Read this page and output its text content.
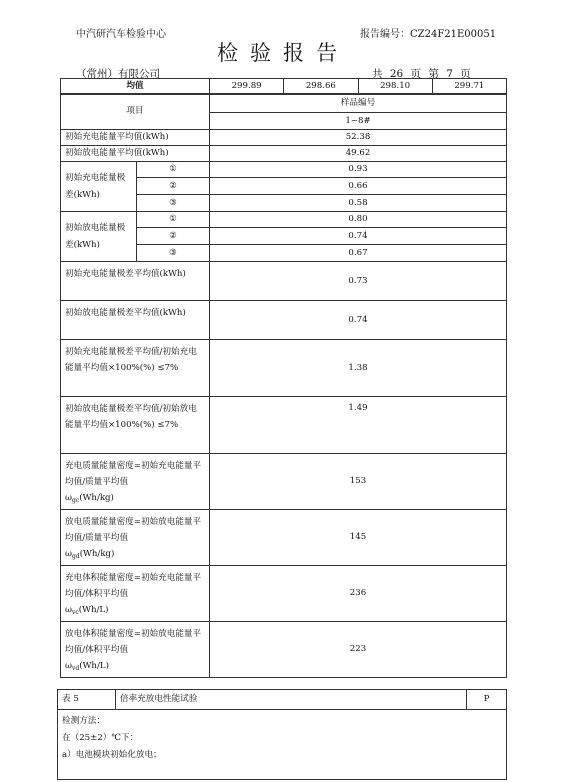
中汽研汽车检验中心	报告编号：CZ24F21E00051
检验报告
（常州）有限公司	共 26 页 第 7 页
均值	299.89	298.66	298.10	299.71
项目		样品编号
		1~8#
初始充电能量平均值(kWh)		52.38
初始放电能量平均值(kWh)		49.62
初始充电能量极差(kWh)	①	0.93
	②	0.66
	③	0.58
初始放电能量极差(kWh)	①	0.80
	②	0.74
	③	0.67
初始充电能量极差平均值(kWh)		0.73
初始放电能量极差平均值(kWh)		0.74
初始充电能量极差平均值/初始充电能量平均值×100%(%) ≤7%		1.38
初始放电能量极差平均值/初始放电能量平均值×100%(%) ≤7%		1.49
充电质量能量密度=初始充电能量平均值/质量平均值
$\omega_{gc}(Wh/kg)$		153
放电质量能量密度=初始放电能量平均值/质量平均值
$\omega_{gd}(Wh/kg)$		145
充电体积能量密度=初始充电能量平均值/体积平均值
$\omega_{vc}(Wh/L)$		236
放电体积能量密度=初始放电能量平均值/体积平均值
$\omega_{vd}(Wh/L)$		223
表 5	倍率充放电性能试验	P

检测方法：
在（25±2）℃下：
a）电池模块初始化放电；
